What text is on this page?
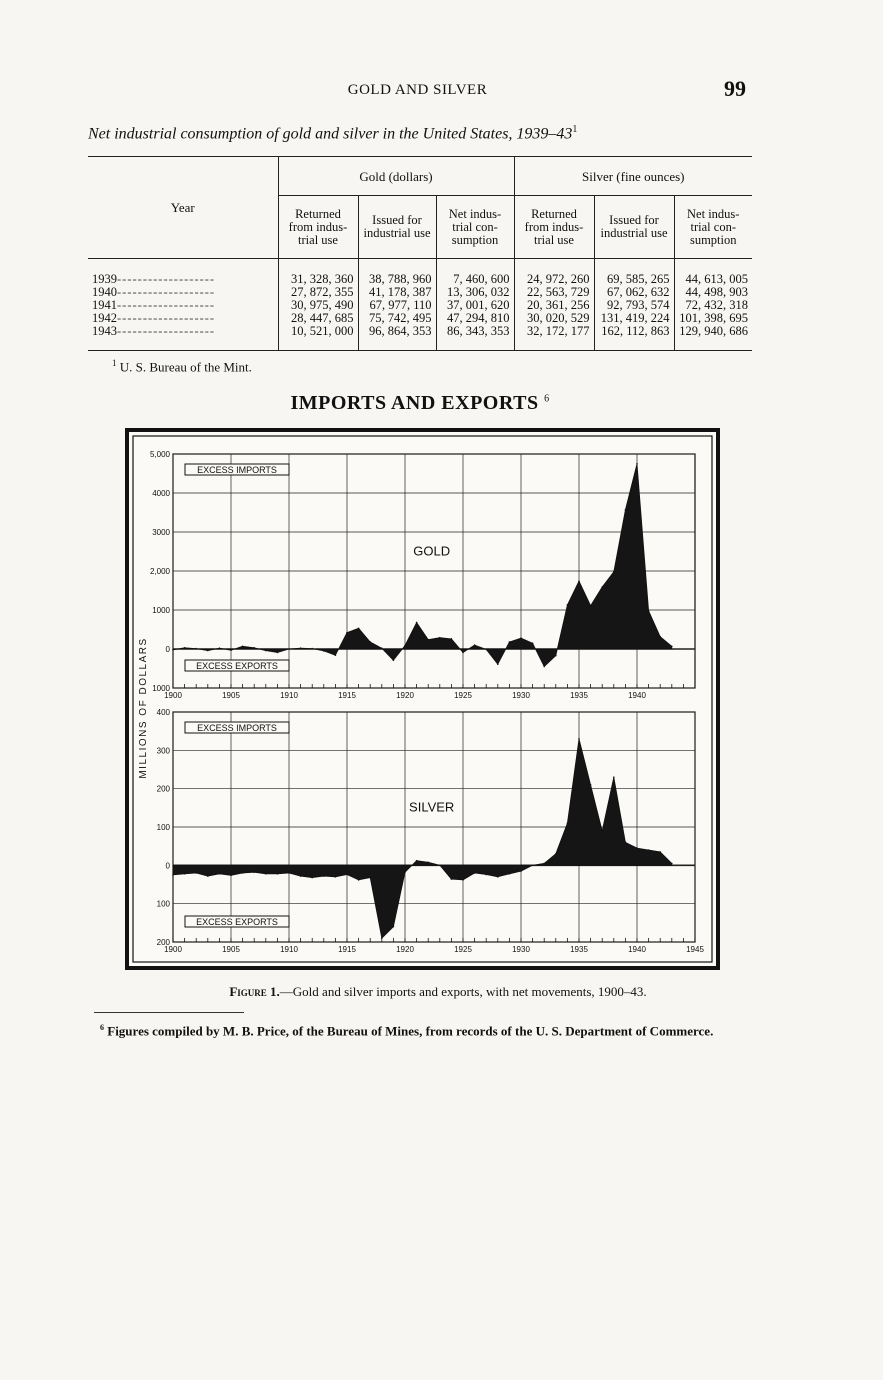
GOLD AND SILVER	99
Net industrial consumption of gold and silver in the United States, $1939-43^1$
Year	Gold (dollars)			Silver (fine ounces)		
	Returned from indus-trial use	Issued for industrial use	Net indus-trial con-sumption	Returned from indus-trial use	Issued for industrial use	Net indus-trial con-sumption
1939-------------------	31, 328, 360	38, 788, 960	7, 460, 600	24, 972, 260	69, 585, 265	44, 613, 005
1940-------------------	27, 872, 355	41, 178, 387	13, 306, 032	22, 563, 729	67, 062, 632	44, 498, 903
1941-------------------	30, 975, 490	67, 977, 110	37, 001, 620	20, 361, 256	92, 793, 574	72, 432, 318
1942-------------------	28, 447, 685	75, 742, 495	47, 294, 810	30, 020, 529	131, 419, 224	101, 398, 695
1943-------------------	10, 521, 000	96, 864, 353	86, 343, 353	32, 172, 177	162, 112, 863	129, 940, 686
$^1$ U. S. Bureau of the Mint.
IMPORTS AND EXPORTS $^6$
MILLIONS OF DOLLARS 1000
0
1000
2,000
3000
4000
5,000
1900	1905	1910	1915	1920	1925	1930	1935	1940
EXCESS IMPORTS
EXCESS EXPORTS
GOLD
200
100
0
100
200
300
400
1900	1905	1910	1915	1920	1925	1930	1935	1940	1945
EXCESS IMPORTS
EXCESS EXPORTS
SILVER
Figure 1.—Gold and silver imports and exports, with net movements, 1900–43.
$^6$ Figures compiled by M. B. Price, of the Bureau of Mines, from records of the U. S. Department of Commerce.
